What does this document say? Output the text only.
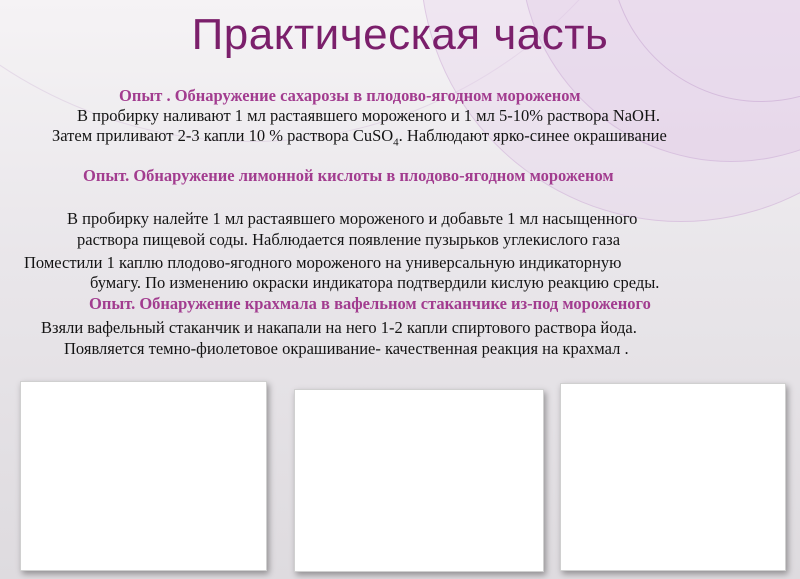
Практическая часть
Опыт . Обнаружение сахарозы в плодово-ягодном мороженом
В пробирку наливают 1 мл растаявшего мороженого и 1 мл 5-10% раствора NaOH.
Затем приливают 2-3 капли 10 % раствора CuSO$_4$. Наблюдают ярко-синее окрашивание
Опыт. Обнаружение лимонной кислоты в плодово-ягодном мороженом
В пробирку налейте 1 мл растаявшего мороженого и добавьте 1 мл насыщенного
раствора пищевой соды. Наблюдается появление пузырьков углекислого газа
Поместили 1 каплю плодово-ягодного мороженого на универсальную индикаторную
бумагу. По изменению окраски индикатора подтвердили кислую реакцию среды.
Опыт. Обнаружение крахмала в вафельном стаканчике из-под мороженого
Взяли вафельный стаканчик и накапали на него 1-2 капли спиртового раствора йода.
Появляется темно-фиолетовое окрашивание- качественная реакция на крахмал .
